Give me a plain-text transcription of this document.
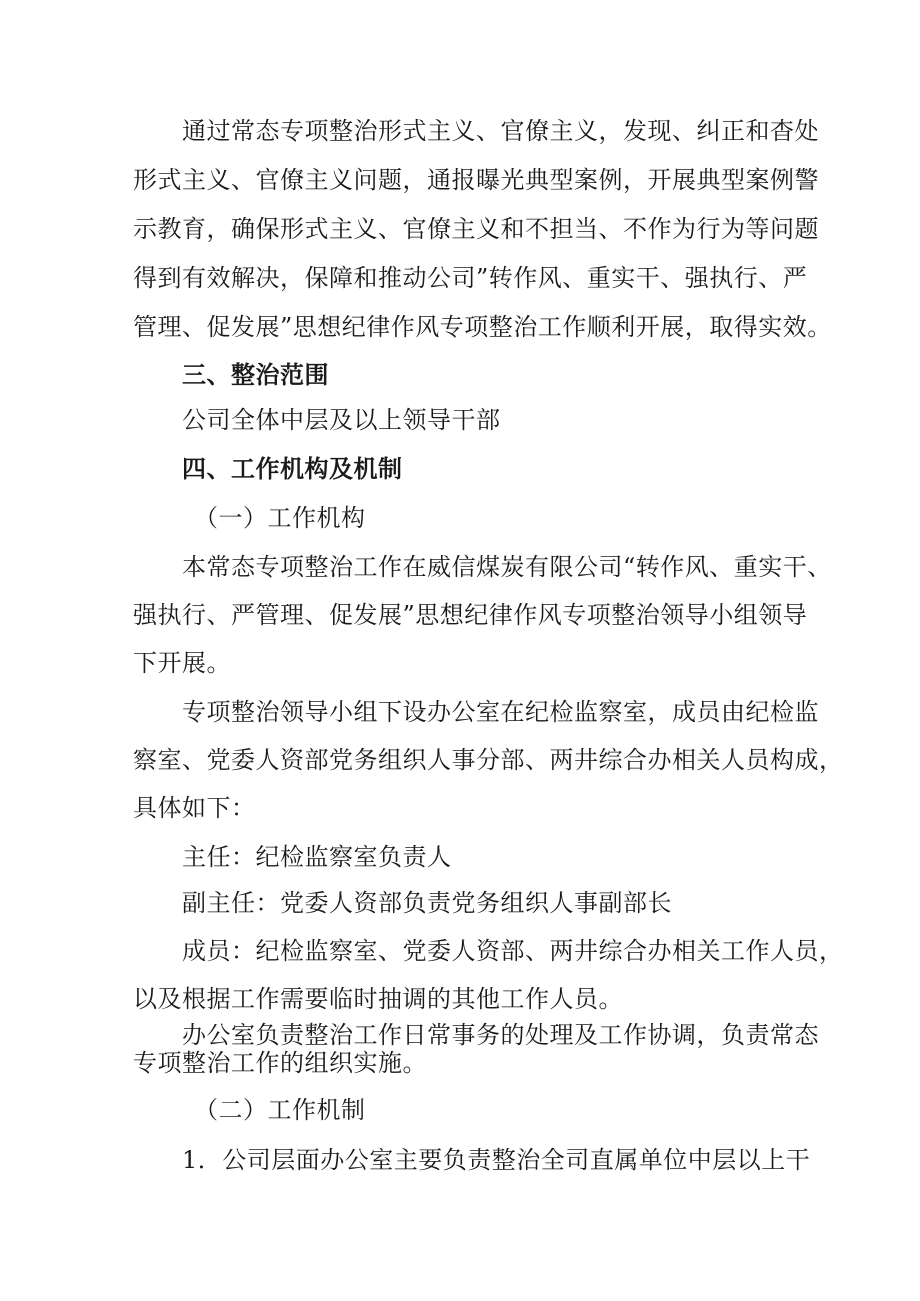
通过常态专项整治形式主义、官僚主义，发现、纠正和杳处
形式主义、官僚主义问题，通报曝光典型案例，开展典型案例警
示教育，确保形式主义、官僚主义和不担当、不作为行为等问题
得到有效解决，保障和推动公司”转作风、重实干、强执行、严
管理、促发展”思想纪律作风专项整治工作顺利开展，取得实效。
三、整治范围
公司全体中层及以上领导干部
四、工作机构及机制
（一）工作机构
本常态专项整治工作在威信煤炭有限公司“转作风、重实干、
强执行、严管理、促发展”思想纪律作风专项整治领导小组领导
下开展。
专项整治领导小组下设办公室在纪检监察室，成员由纪检监
察室、党委人资部党务组织人事分部、两井综合办相关人员构成，
具体如下：
主任：纪检监察室负责人
副主任：党委人资部负责党务组织人事副部长
成员：纪检监察室、党委人资部、两井综合办相关工作人员，
以及根据工作需要临时抽调的其他工作人员。
办公室负责整治工作日常事务的处理及工作协调，负责常态
专项整治工作的组织实施。
（二）工作机制
1．公司层面办公室主要负责整治全司直属单位中层以上干
